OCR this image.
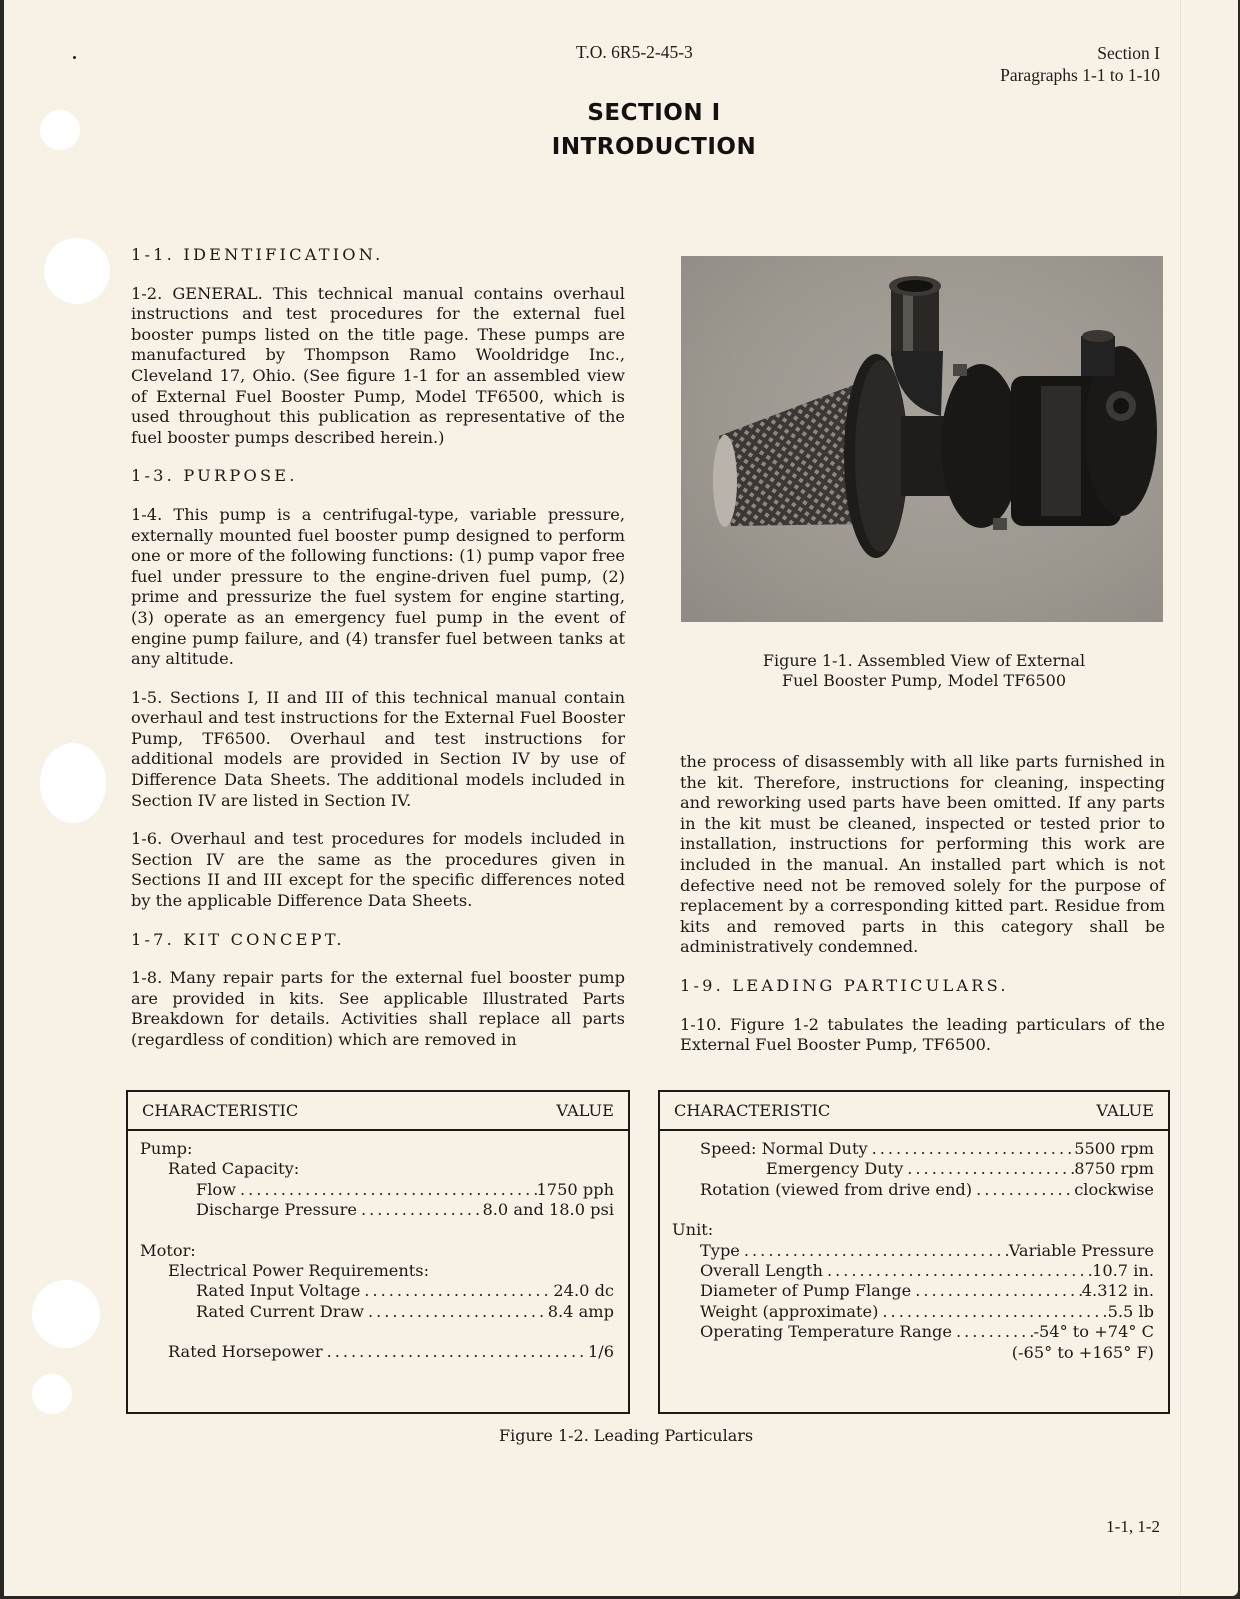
T.O. 6R5-2-45-3	Section I
Paragraphs 1-1 to 1-10
SECTION I
INTRODUCTION

1-1. IDENTIFICATION.

1-2. GENERAL. This technical manual contains overhaul instructions and test procedures for the external fuel booster pumps listed on the title page. These pumps are manufactured by Thompson Ramo Wooldridge Inc., Cleveland 17, Ohio. (See figure 1-1 for an assembled view of External Fuel Booster Pump, Model TF6500, which is used throughout this publication as representative of the fuel booster pumps described herein.)

1-3. PURPOSE.

1-4. This pump is a centrifugal-type, variable pressure, externally mounted fuel booster pump designed to perform one or more of the following functions: (1) pump vapor free fuel under pressure to the engine-driven fuel pump, (2) prime and pressurize the fuel system for engine starting, (3) operate as an emergency fuel pump in the event of engine pump failure, and (4) transfer fuel between tanks at any altitude.

1-5. Sections I, II and III of this technical manual contain overhaul and test instructions for the External Fuel Booster Pump, TF6500. Overhaul and test instructions for additional models are provided in Section IV by use of Difference Data Sheets. The additional models included in Section IV are listed in Section IV.

1-6. Overhaul and test procedures for models included in Section IV are the same as the procedures given in Sections II and III except for the specific differences noted by the applicable Difference Data Sheets.

1-7. KIT CONCEPT.

1-8. Many repair parts for the external fuel booster pump are provided in kits. See applicable Illustrated Parts Breakdown for details. Activities shall replace all parts (regardless of condition) which are removed in

Figure 1-1. Assembled View of External
Fuel Booster Pump, Model TF6500

the process of disassembly with all like parts furnished in the kit. Therefore, instructions for cleaning, inspecting and reworking used parts have been omitted. If any parts in the kit must be cleaned, inspected or tested prior to installation, instructions for performing this work are included in the manual. An installed part which is not defective need not be removed solely for the purpose of replacement by a corresponding kitted part. Residue from kits and removed parts in this category shall be administratively condemned.

1-9. LEADING PARTICULARS.

1-10. Figure 1-2 tabulates the leading particulars of the External Fuel Booster Pump, TF6500.

CHARACTERISTIC	VALUE
Pump:
Rated Capacity:
Flow .....	1750 pph
Discharge Pressure .....	8.0 and 18.0 psi
Motor:
Electrical Power Requirements:
Rated Input Voltage .....	24.0 dc
Rated Current Draw .....	8.4 amp
Rated Horsepower .....	1/6
CHARACTERISTIC	VALUE
Speed: Normal Duty .....	5500 rpm
Emergency Duty .....	8750 rpm
Rotation (viewed from drive end) .....	clockwise
Unit:
Type .....	Variable Pressure
Overall Length .....	10.7 in.
Diameter of Pump Flange .....	4.312 in.
Weight (approximate) .....	5.5 lb
Operating Temperature Range .....	-54° to +74° C
(-65° to +165° F)
Figure 1-2. Leading Particulars
1-1, 1-2
